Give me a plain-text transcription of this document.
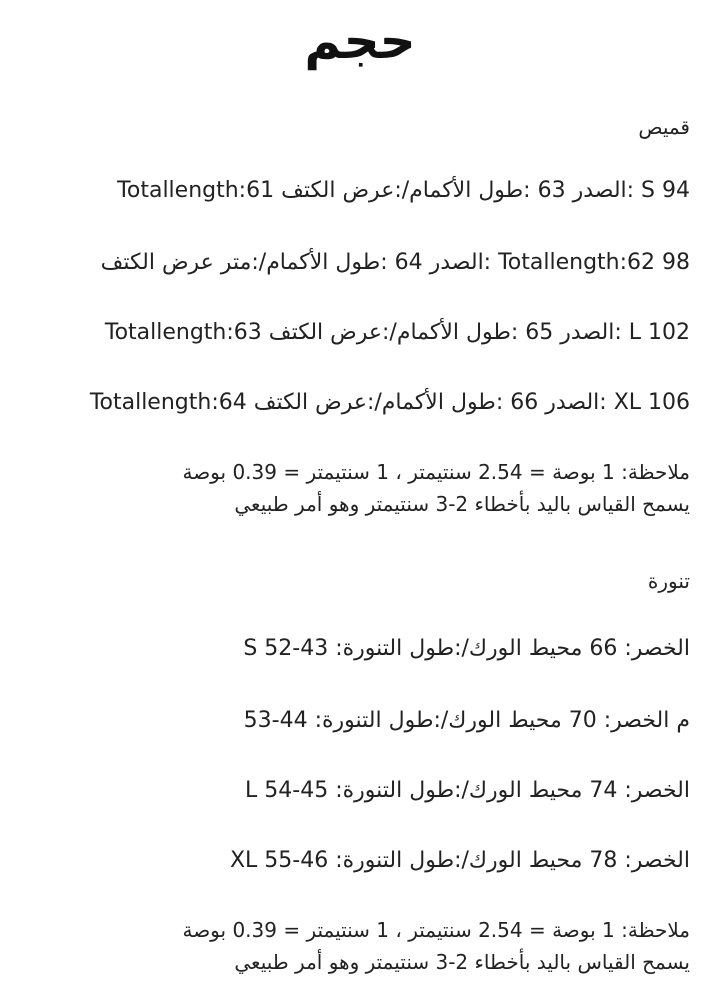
حجم
قميص
S 94 :الصدر 63 :طول الأكمام/:عرض الكتف Totallength:61
Totallength:62 98 :الصدر 64 :طول الأكمام/:متر عرض الكتف
L 102 :الصدر 65 :طول الأكمام/:عرض الكتف Totallength:63
XL 106 :الصدر 66 :طول الأكمام/:عرض الكتف Totallength:64
ملاحظة: 1 بوصة = 2.54 سنتيمتر ، 1 سنتيمتر = 0.39 بوصة
يسمح القياس باليد بأخطاء 2-3 سنتيمتر وهو أمر طبيعي
تنورة
الخصر: 66 محيط الورك/:طول التنورة: 43-52 S
م الخصر: 70 محيط الورك/:طول التنورة: 44-53
الخصر: 74 محيط الورك/:طول التنورة: 45-54 L
الخصر: 78 محيط الورك/:طول التنورة: 46-55 XL
ملاحظة: 1 بوصة = 2.54 سنتيمتر ، 1 سنتيمتر = 0.39 بوصة
يسمح القياس باليد بأخطاء 2-3 سنتيمتر وهو أمر طبيعي
